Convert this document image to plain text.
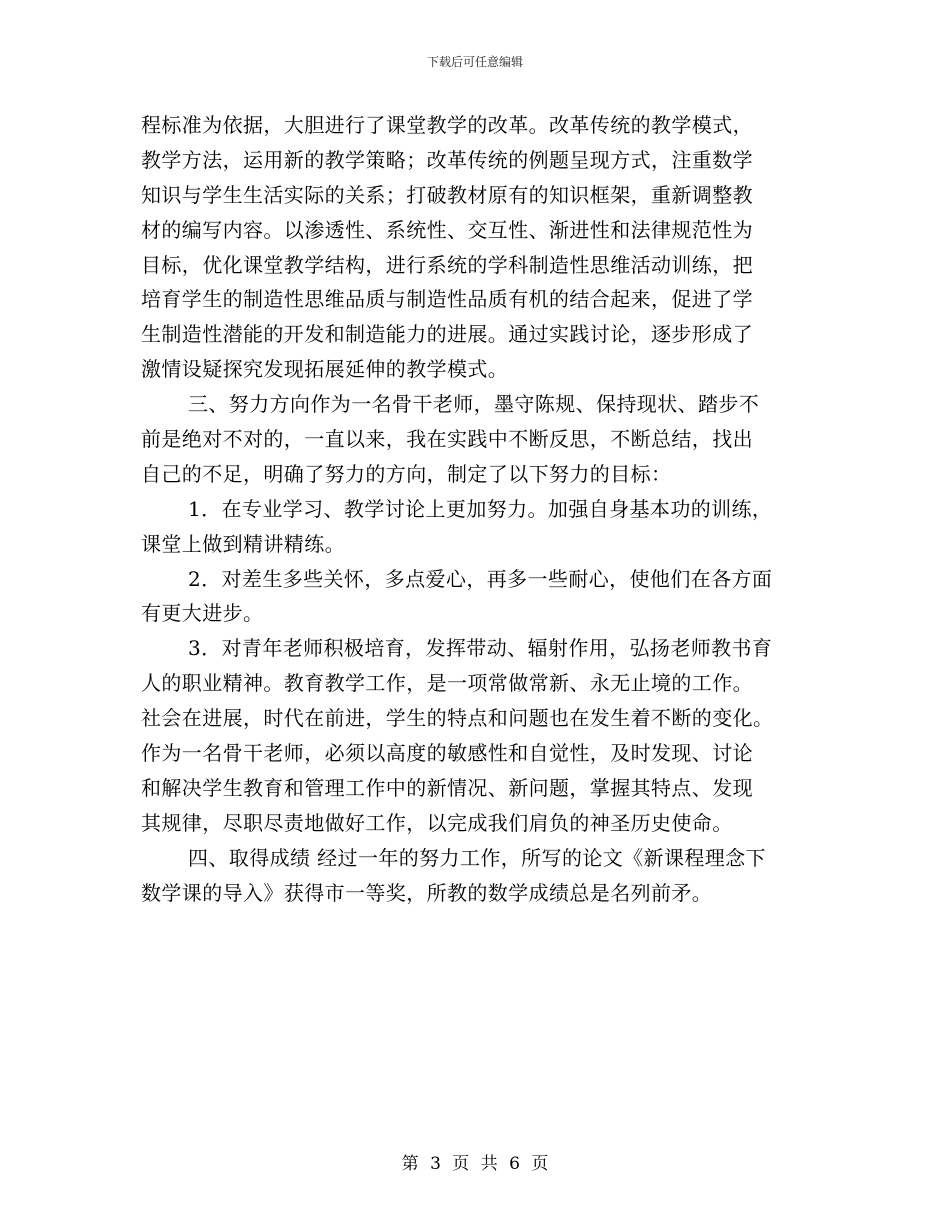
下载后可任意编辑
程标准为依据，大胆进行了课堂教学的改革。改革传统的教学模式，
教学方法，运用新的教学策略；改革传统的例题呈现方式，注重数学
知识与学生生活实际的关系；打破教材原有的知识框架，重新调整教
材的编写内容。以渗透性、系统性、交互性、渐进性和法律规范性为
目标，优化课堂教学结构，进行系统的学科制造性思维活动训练，把
培育学生的制造性思维品质与制造性品质有机的结合起来，促进了学
生制造性潜能的开发和制造能力的进展。通过实践讨论，逐步形成了
激情设疑探究发现拓展延伸的教学模式。
三、努力方向作为一名骨干老师，墨守陈规、保持现状、踏步不
前是绝对不对的，一直以来，我在实践中不断反思，不断总结，找出
自己的不足，明确了努力的方向，制定了以下努力的目标：
1．在专业学习、教学讨论上更加努力。加强自身基本功的训练，
课堂上做到精讲精练。
2．对差生多些关怀，多点爱心，再多一些耐心，使他们在各方面
有更大进步。
3．对青年老师积极培育，发挥带动、辐射作用，弘扬老师教书育
人的职业精神。教育教学工作，是一项常做常新、永无止境的工作。
社会在进展，时代在前进，学生的特点和问题也在发生着不断的变化。
作为一名骨干老师，必须以高度的敏感性和自觉性，及时发现、讨论
和解决学生教育和管理工作中的新情况、新问题，掌握其特点、发现
其规律，尽职尽责地做好工作，以完成我们肩负的神圣历史使命。
四、取得成绩 经过一年的努力工作，所写的论文《新课程理念下
数学课的导入》获得市一等奖，所教的数学成绩总是名列前矛。
第 3 页 共 6 页
